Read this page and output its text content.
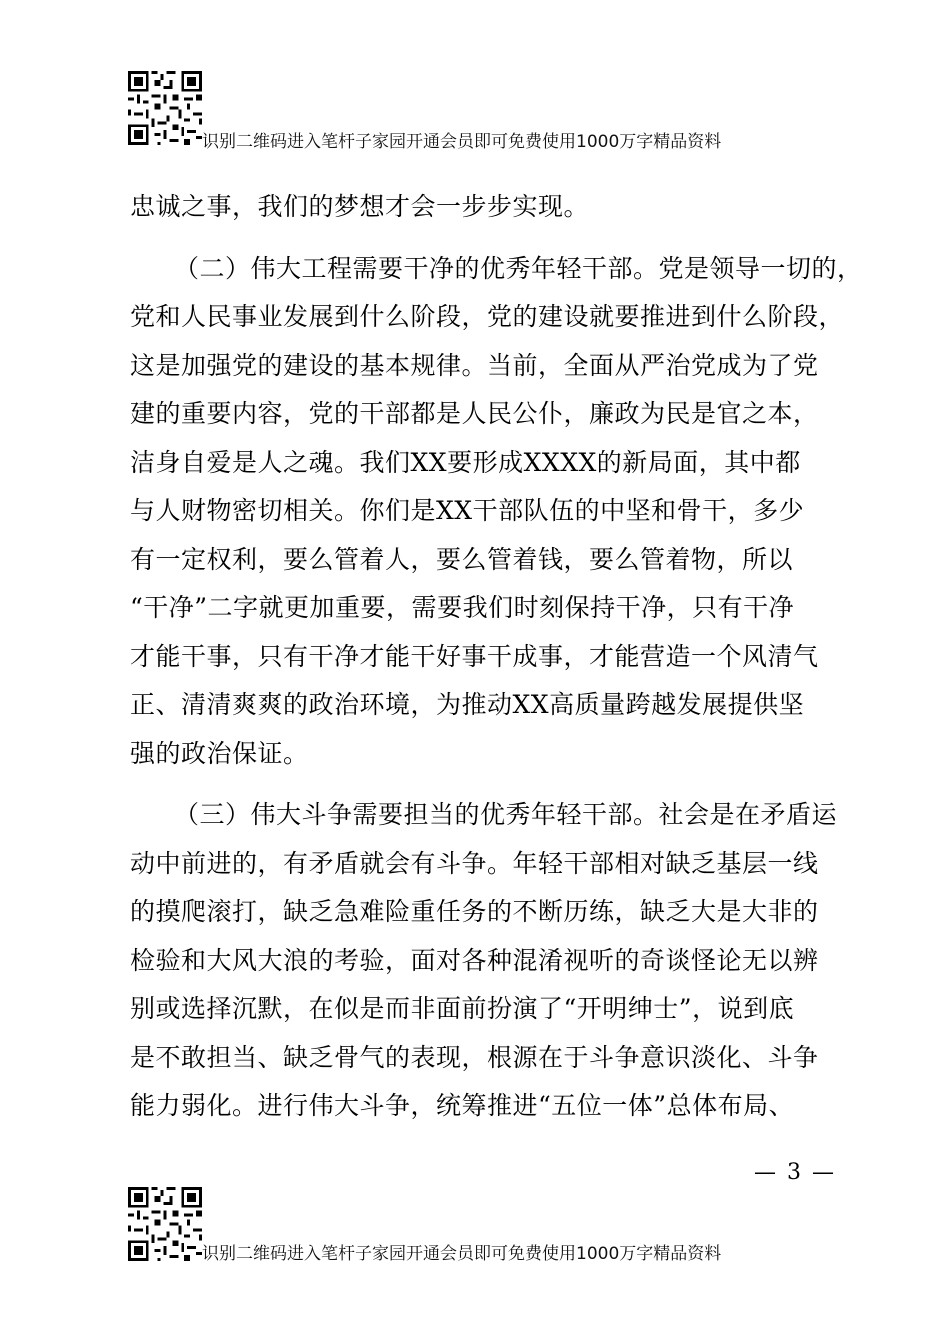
识别二维码进入笔杆子家园开通会员即可免费使用1000万字精品资料
忠诚之事，我们的梦想才会一步步实现。
（二）伟大工程需要干净的优秀年轻干部。党是领导一切的，
党和人民事业发展到什么阶段，党的建设就要推进到什么阶段，
这是加强党的建设的基本规律。当前，全面从严治党成为了党
建的重要内容，党的干部都是人民公仆，廉政为民是官之本，
洁身自爱是人之魂。我们XX要形成XXXX的新局面，其中都
与人财物密切相关。你们是XX干部队伍的中坚和骨干，多少
有一定权利，要么管着人，要么管着钱，要么管着物，所以
“干净”二字就更加重要，需要我们时刻保持干净，只有干净
才能干事，只有干净才能干好事干成事，才能营造一个风清气
正、清清爽爽的政治环境，为推动XX高质量跨越发展提供坚
强的政治保证。
（三）伟大斗争需要担当的优秀年轻干部。社会是在矛盾运
动中前进的，有矛盾就会有斗争。年轻干部相对缺乏基层一线
的摸爬滚打，缺乏急难险重任务的不断历练，缺乏大是大非的
检验和大风大浪的考验，面对各种混淆视听的奇谈怪论无以辨
别或选择沉默，在似是而非面前扮演了“开明绅士”，说到底
是不敢担当、缺乏骨气的表现，根源在于斗争意识淡化、斗争
能力弱化。进行伟大斗争，统筹推进“五位一体”总体布局、
— 3 —
识别二维码进入笔杆子家园开通会员即可免费使用1000万字精品资料
